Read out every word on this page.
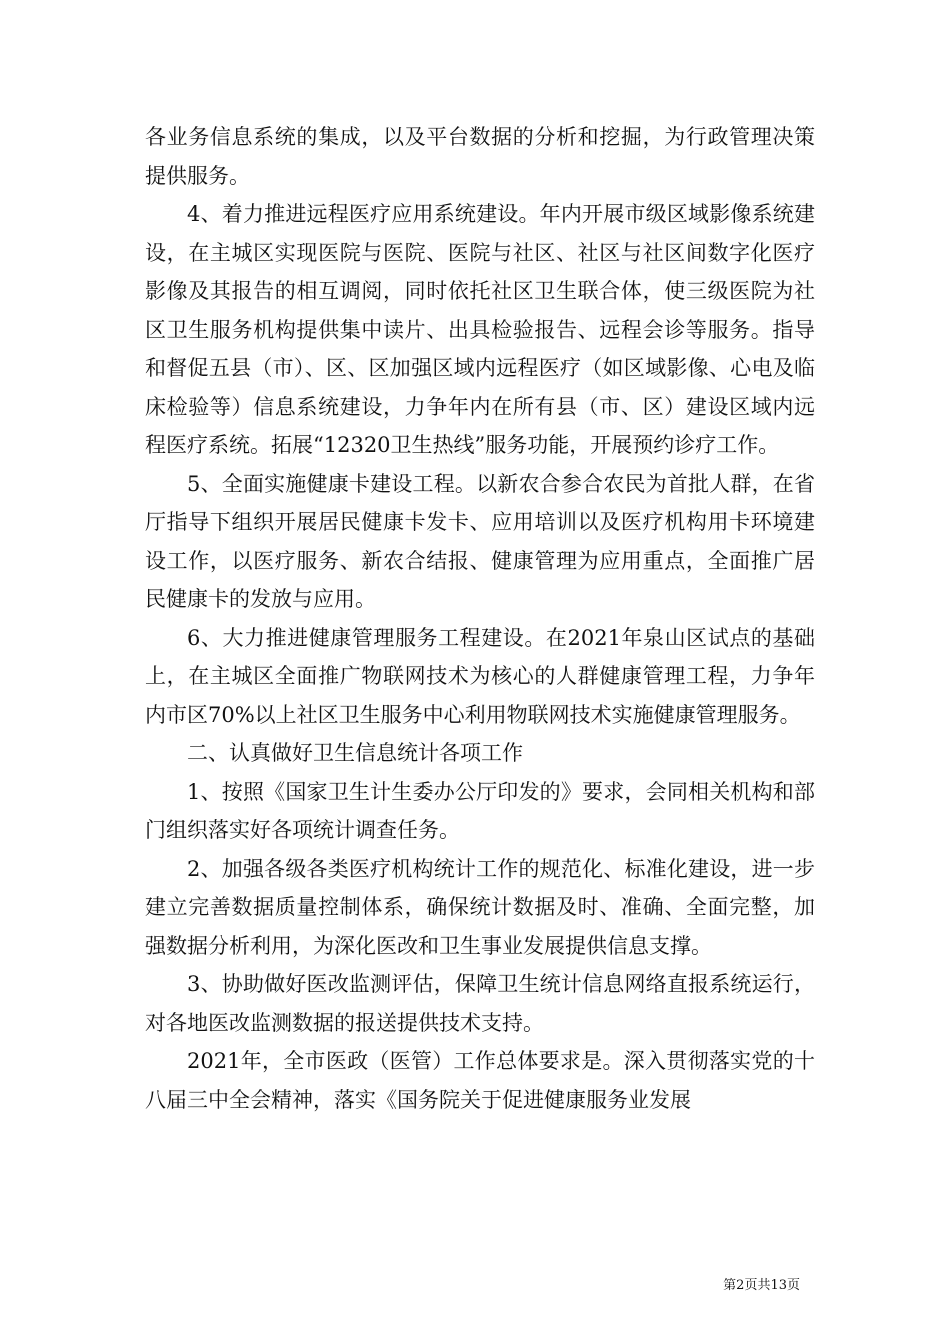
各业务信息系统的集成，以及平台数据的分析和挖掘，为行政管理决策提供服务。

4、着力推进远程医疗应用系统建设。年内开展市级区域影像系统建设，在主城区实现医院与医院、医院与社区、社区与社区间数字化医疗影像及其报告的相互调阅，同时依托社区卫生联合体，使三级医院为社区卫生服务机构提供集中读片、出具检验报告、远程会诊等服务。指导和督促五县（市）、区、区加强区域内远程医疗（如区域影像、心电及临床检验等）信息系统建设，力争年内在所有县（市、区）建设区域内远程医疗系统。拓展“12320卫生热线”服务功能，开展预约诊疗工作。

5、全面实施健康卡建设工程。以新农合参合农民为首批人群，在省厅指导下组织开展居民健康卡发卡、应用培训以及医疗机构用卡环境建设工作，以医疗服务、新农合结报、健康管理为应用重点，全面推广居民健康卡的发放与应用。

6、大力推进健康管理服务工程建设。在2021年泉山区试点的基础上，在主城区全面推广物联网技术为核心的人群健康管理工程，力争年内市区70%以上社区卫生服务中心利用物联网技术实施健康管理服务。

二、认真做好卫生信息统计各项工作

1、按照《国家卫生计生委办公厅印发的》要求，会同相关机构和部门组织落实好各项统计调查任务。

2、加强各级各类医疗机构统计工作的规范化、标准化建设，进一步建立完善数据质量控制体系，确保统计数据及时、准确、全面完整，加强数据分析利用，为深化医改和卫生事业发展提供信息支撑。

3、协助做好医改监测评估，保障卫生统计信息网络直报系统运行，对各地医改监测数据的报送提供技术支持。

2021年，全市医政（医管）工作总体要求是。深入贯彻落实党的十八届三中全会精神，落实《国务院关于促进健康服务业发展

第2页共13页
